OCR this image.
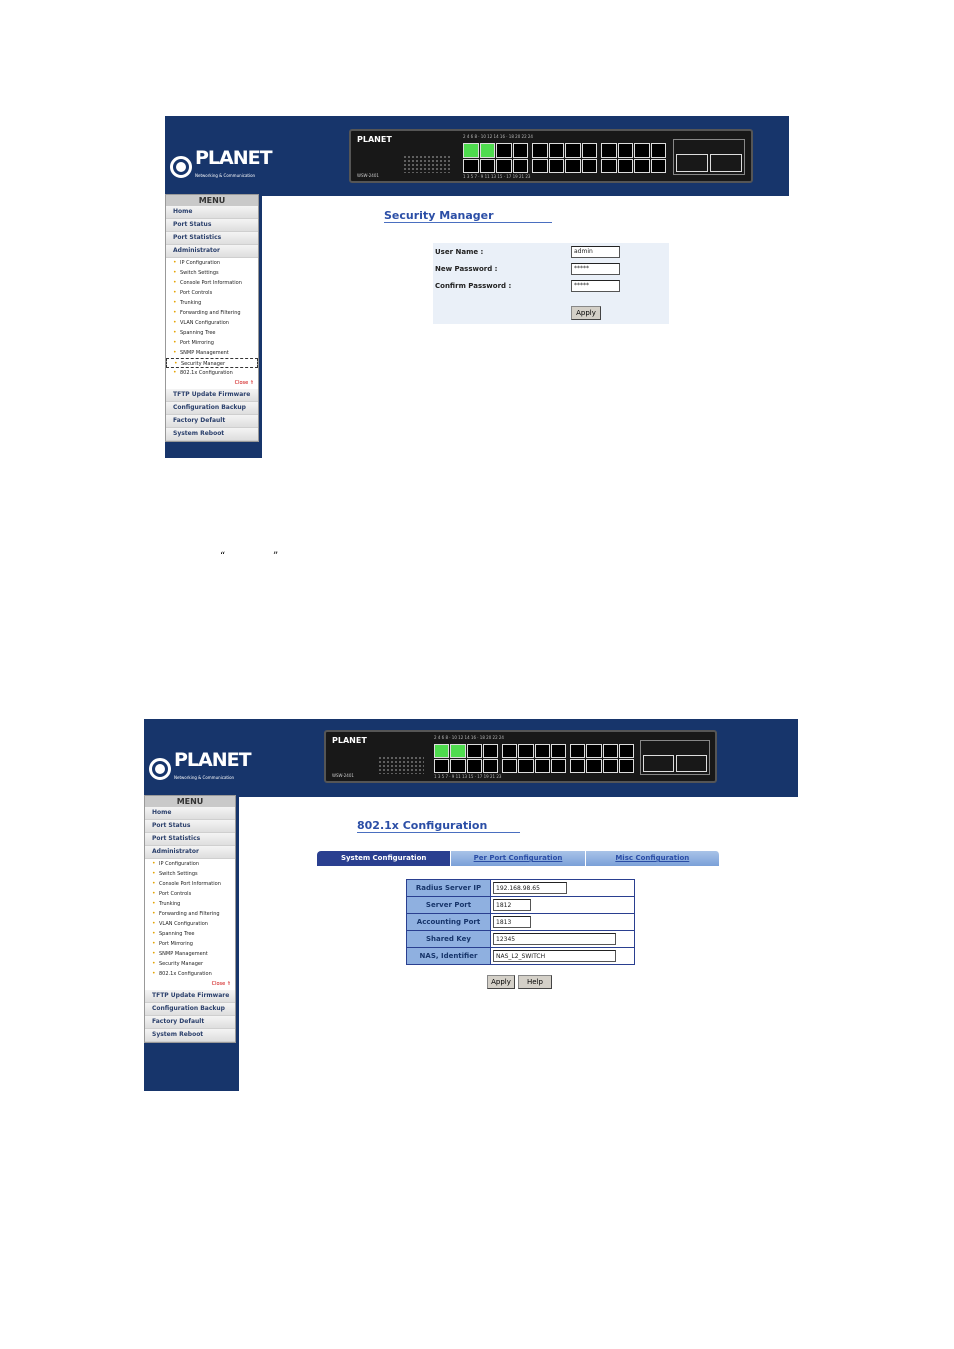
PLANET
Networking & Communication
PLANET
WSW-2401
2 4 6 8 · 10 12 14 16 · 18 20 22 24
1 3 5 7 · 9 11 13 15 · 17 19 21 23
MENU
Home
Port Status
Port Statistics
Administrator
• IP Configuration
• Switch Settings
• Console Port Information
• Port Controls
• Trunking
• Forwarding and Filtering
• VLAN Configuration
• Spanning Tree
• Port Mirroring
• SNMP Management
• Security Manager
• 802.1x Configuration
Close ⇑
TFTP Update Firmware
Configuration Backup
Factory Default
System Reboot
Security Manager
User Name :	admin
New Password :	*****
Confirm Password :	*****
Apply
“	”
PLANET
Networking & Communication
PLANET
WSW-2401
2 4 6 8 · 10 12 14 16 · 18 20 22 24
1 3 5 7 · 9 11 13 15 · 17 19 21 23
MENU
Home
Port Status
Port Statistics
Administrator
• IP Configuration
• Switch Settings
• Console Port Information
• Port Controls
• Trunking
• Forwarding and Filtering
• VLAN Configuration
• Spanning Tree
• Port Mirroring
• SNMP Management
• Security Manager
• 802.1x Configuration
Close ⇑
TFTP Update Firmware
Configuration Backup
Factory Default
System Reboot
802.1x Configuration
System Configuration	Per Port Configuration	Misc Configuration
Radius Server IP	192.168.98.65
Server Port	1812
Accounting Port	1813
Shared Key	12345
NAS, Identifier	NAS_L2_SWITCH
Apply	Help
